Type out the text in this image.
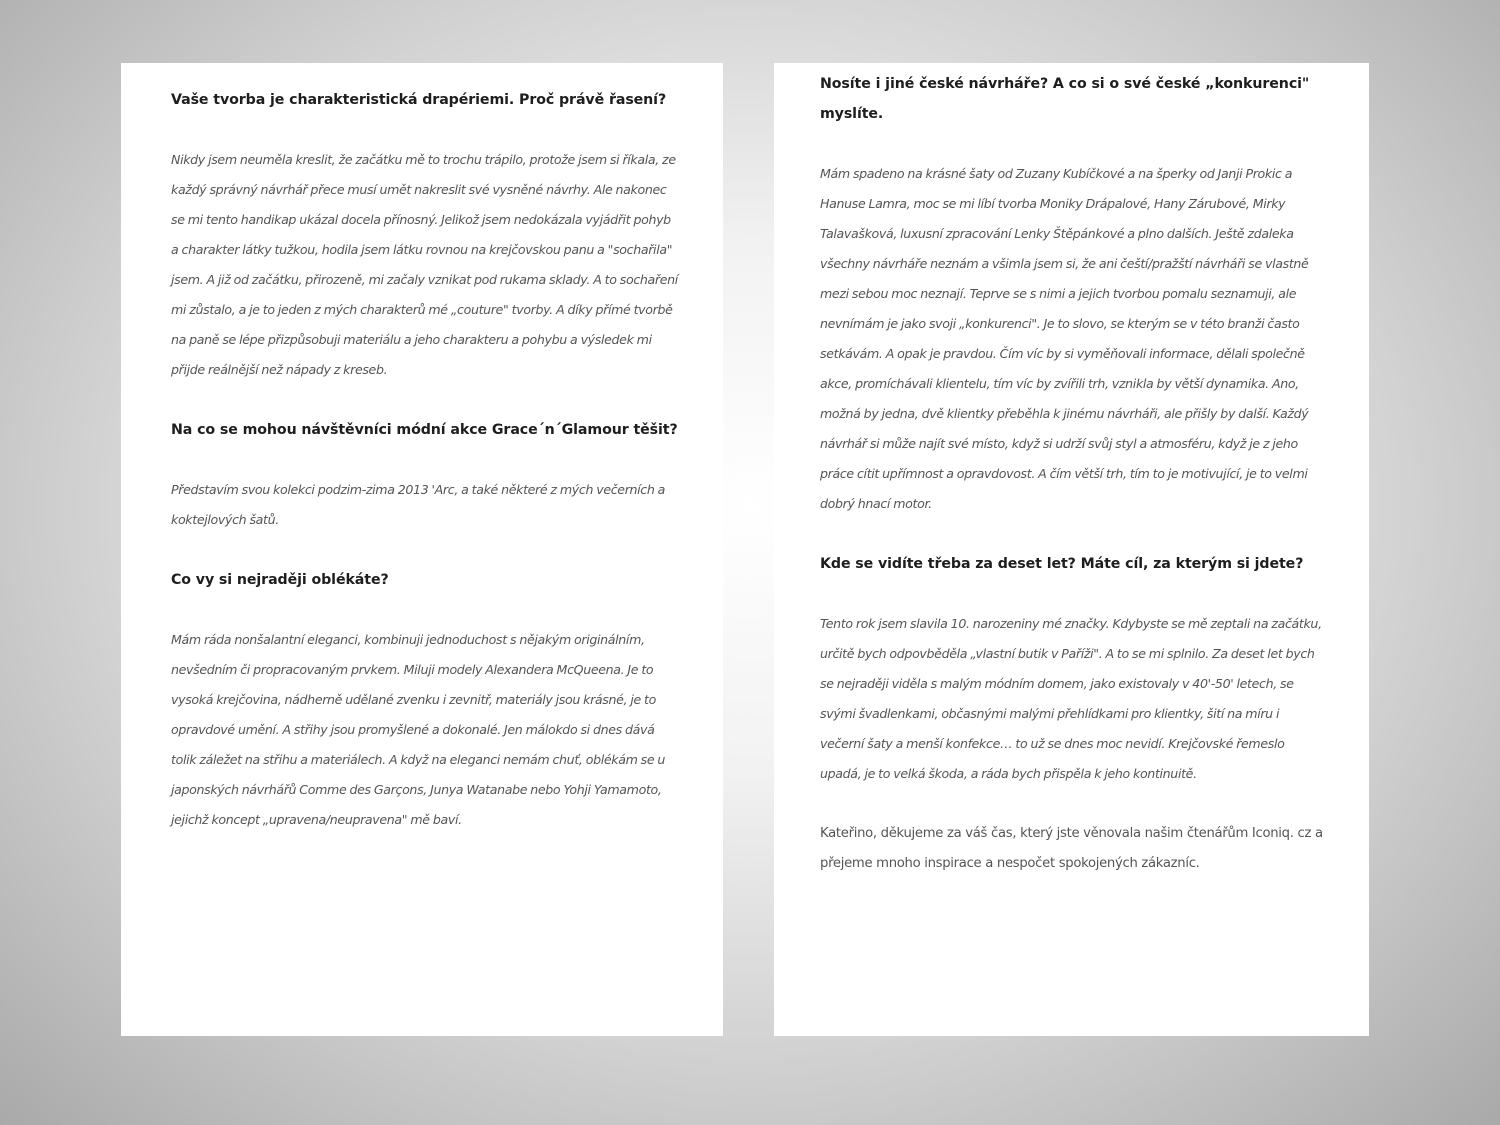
Vaše tvorba je charakteristická drapériemi. Proč právě řasení?

Nikdy jsem neuměla kreslit, že začátku mě to trochu trápilo, protože jsem si říkala, ze každý správný návrhář přece musí umět nakreslit své vysněné návrhy. Ale nakonec se mi tento handikap ukázal docela přínosný. Jelikož jsem nedokázala vyjádřit pohyb a charakter látky tužkou, hodila jsem látku rovnou na krejčovskou panu a "sochařila" jsem. A již od začátku, přirozeně, mi začaly vznikat pod rukama sklady. A to sochaření mi zůstalo, a je to jeden z mých charakterů mé „couture" tvorby. A díky přímé tvorbě na paně se lépe přizpůsobuji materiálu a jeho charakteru a pohybu a výsledek mi přijde reálnější než nápady z kreseb.

Na co se mohou návštěvníci módní akce Grace´n´Glamour těšit?

Představím svou kolekci podzim-zima 2013 'Arc, a také některé z mých večerních a koktejlových šatů.

Co vy si nejraději oblékáte?

Mám ráda nonšalantní eleganci, kombinuji jednoduchost s nějakým originálním, nevšedním či propracovaným prvkem. Miluji modely Alexandera McQueena. Je to vysoká krejčovina, nádherně udělané zvenku i zevnitř, materiály jsou krásné, je to opravdové umění. A střihy jsou promyšlené a dokonalé. Jen málokdo si dnes dává tolik záležet na střihu a materiálech. A když na eleganci nemám chuť, oblékám se u japonských návrhářů Comme des Garçons, Junya Watanabe nebo Yohji Yamamoto, jejichž koncept „upravena/neupravena" mě baví.

Nosíte i jiné české návrháře? A co si o své české „konkurenci" myslíte.

Mám spadeno na krásné šaty od Zuzany Kubíčkové a na šperky od Janji Prokic a Hanuse Lamra, moc se mi líbí tvorba Moniky Drápalové, Hany Zárubové, Mirky Talavašková, luxusní zpracování Lenky Štěpánkové a plno dalších. Ještě zdaleka všechny návrháře neznám a všimla jsem si, že ani čeští/pražští návrháři se vlastně mezi sebou moc neznají. Teprve se s nimi a jejich tvorbou pomalu seznamuji, ale nevnímám je jako svoji „konkurenci". Je to slovo, se kterým se v této branži často setkávám. A opak je pravdou. Čím víc by si vyměňovali informace, dělali společně akce, promíchávali klientelu, tím víc by zvířili trh, vznikla by větší dynamika. Ano, možná by jedna, dvě klientky přeběhla k jinému návrháři, ale přišly by další. Každý návrhář si může najít své místo, když si udrží svůj styl a atmosféru, když je z jeho práce cítit upřímnost a opravdovost. A čím větší trh, tím to je motivující, je to velmi dobrý hnací motor.

Kde se vidíte třeba za deset let? Máte cíl, za kterým si jdete?

Tento rok jsem slavila 10. narozeniny mé značky. Kdybyste se mě zeptali na začátku, určitě bych odpovběděla „vlastní butik v Paříži". A to se mi splnilo. Za deset let bych se nejraději viděla s malým módním domem, jako existovaly v 40'-50' letech, se svými švadlenkami, občasnými malými přehlídkami pro klientky, šití na míru i večerní šaty a menší konfekce… to už se dnes moc nevidí. Krejčovské řemeslo upadá, je to velká škoda, a ráda bych přispěla k jeho kontinuitě.

Kateřino, děkujeme za váš čas, který jste věnovala našim čtenářům Iconiq. cz a přejeme mnoho inspirace a nespočet spokojených zákazníc.
